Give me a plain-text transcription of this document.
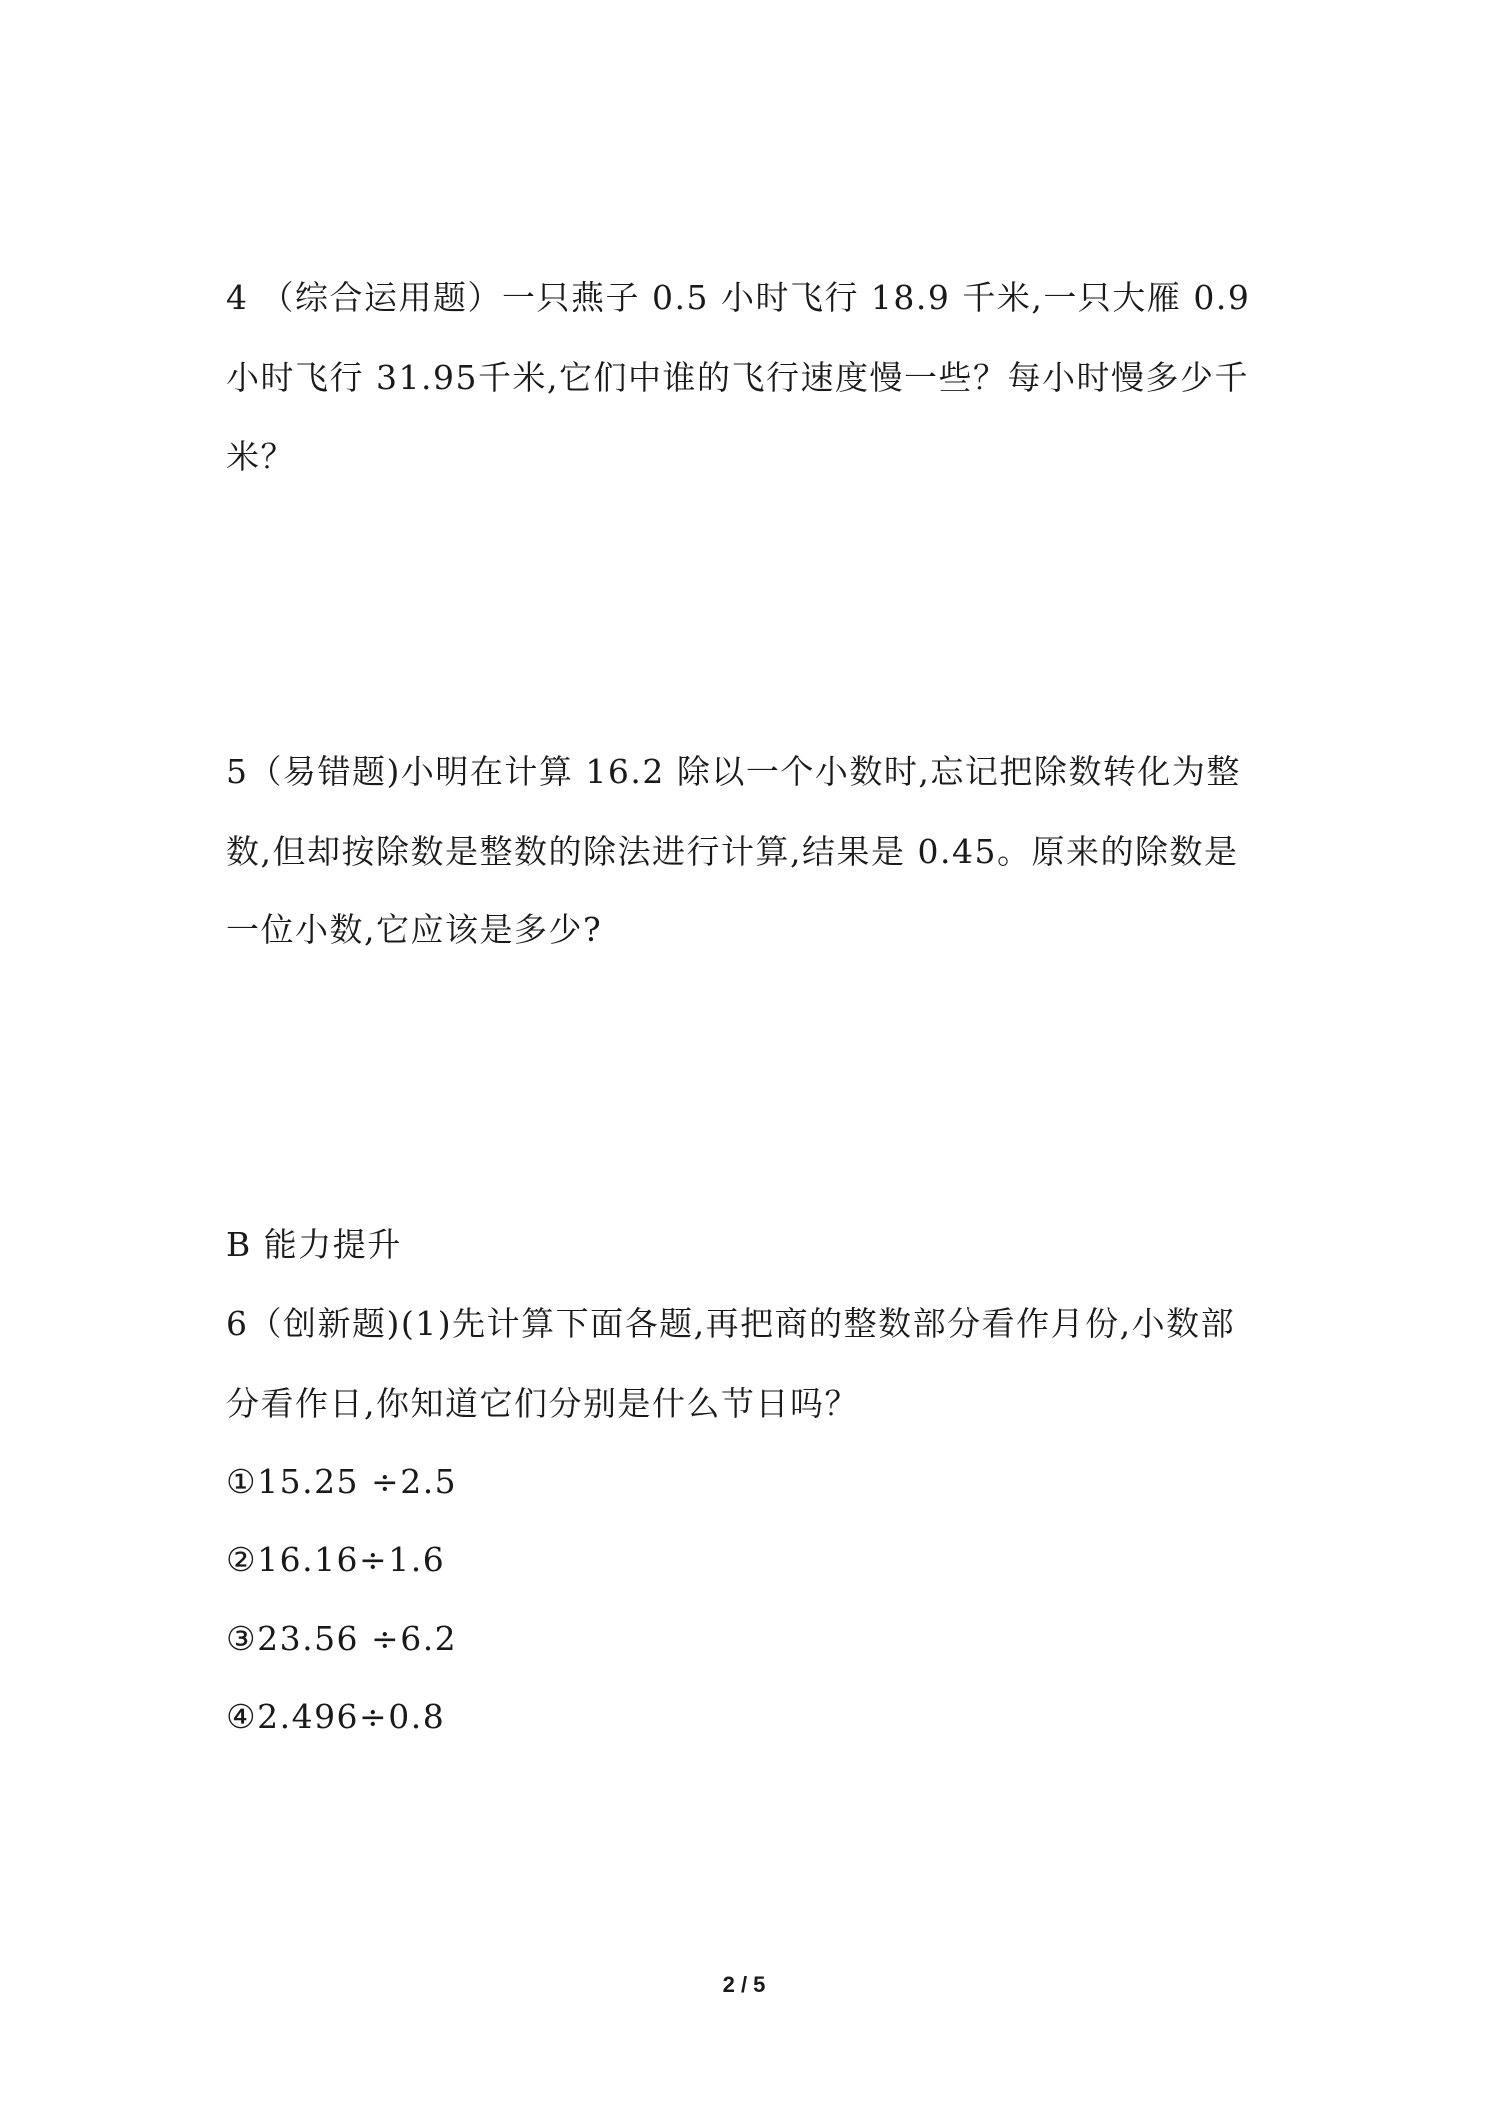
4 （综合运用题）一只燕子 0.5 小时飞行 18.9 千米,一只大雁 0.9
小时飞行 31.95千米,它们中谁的飞行速度慢一些？每小时慢多少千
米？
5（易错题)小明在计算 16.2 除以一个小数时,忘记把除数转化为整
数,但却按除数是整数的除法进行计算,结果是 0.45。原来的除数是
一位小数,它应该是多少?
B 能力提升
6（创新题)(1)先计算下面各题,再把商的整数部分看作月份,小数部
分看作日,你知道它们分别是什么节日吗？
①15.25 ÷2.5
②16.16÷1.6
③23.56 ÷6.2
④2.496÷0.8
2 / 5
